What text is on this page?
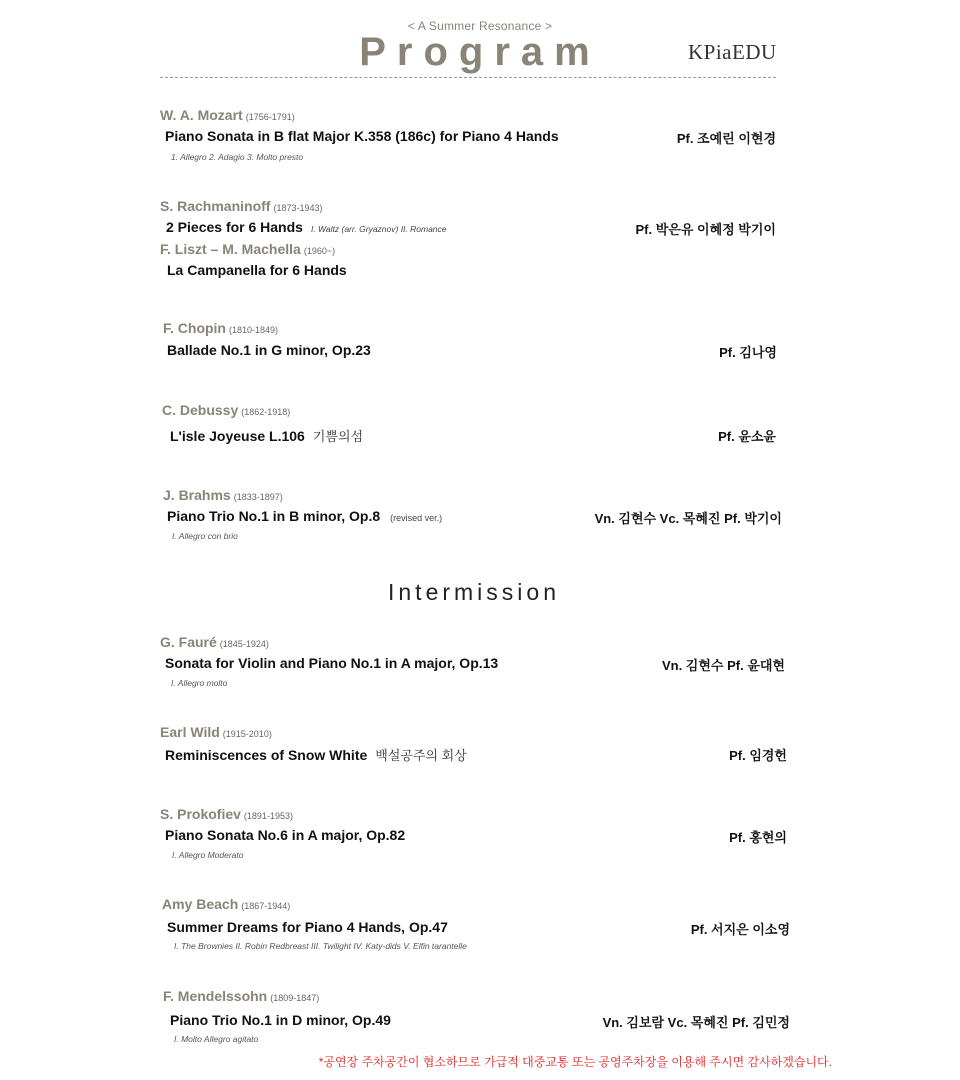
< A Summer Resonance >
Program	KPiaEDU
W. A. Mozart (1756-1791)
Piano Sonata in B flat Major K.358 (186c) for Piano 4 Hands
1. Allegro 2. Adagio 3. Molto presto
Pf. 조예린 이현경
S. Rachmaninoff (1873-1943)
2 Pieces for 6 Hands I. Waltz (arr. Gryaznov) II. Romance	Pf. 박은유 이혜정 박기이
F. Liszt – M. Machella (1960~)
La Campanella for 6 Hands
F. Chopin (1810-1849)
Ballade No.1 in G minor, Op.23	Pf. 김나영
C. Debussy (1862-1918)
L'isle Joyeuse L.106 기쁨의섬	Pf. 윤소윤
J. Brahms (1833-1897)
Piano Trio No.1 in B minor, Op.8 (revised ver.)
I. Allegro con brio
Vn. 김현수 Vc. 목혜진 Pf. 박기이
Intermission
G. Fauré (1845-1924)
Sonata for Violin and Piano No.1 in A major, Op.13
I. Allegro molto
Vn. 김현수 Pf. 윤대현
Earl Wild (1915-2010)
Reminiscences of Snow White 백설공주의 회상	Pf. 임경헌
S. Prokofiev (1891-1953)
Piano Sonata No.6 in A major, Op.82
I. Allegro Moderato
Pf. 홍현의
Amy Beach (1867-1944)
Summer Dreams for Piano 4 Hands, Op.47
I. The Brownies II. Robin Redbreast III. Twilight IV. Katy-dids V. Elfin tarantelle
Pf. 서지은 이소영
F. Mendelssohn (1809-1847)
Piano Trio No.1 in D minor, Op.49
I. Molto Allegro agitato
Vn. 김보람 Vc. 목혜진 Pf. 김민정
*공연장 주차공간이 협소하므로 가급적 대중교통 또는 공영주차장을 이용해 주시면 감사하겠습니다.
